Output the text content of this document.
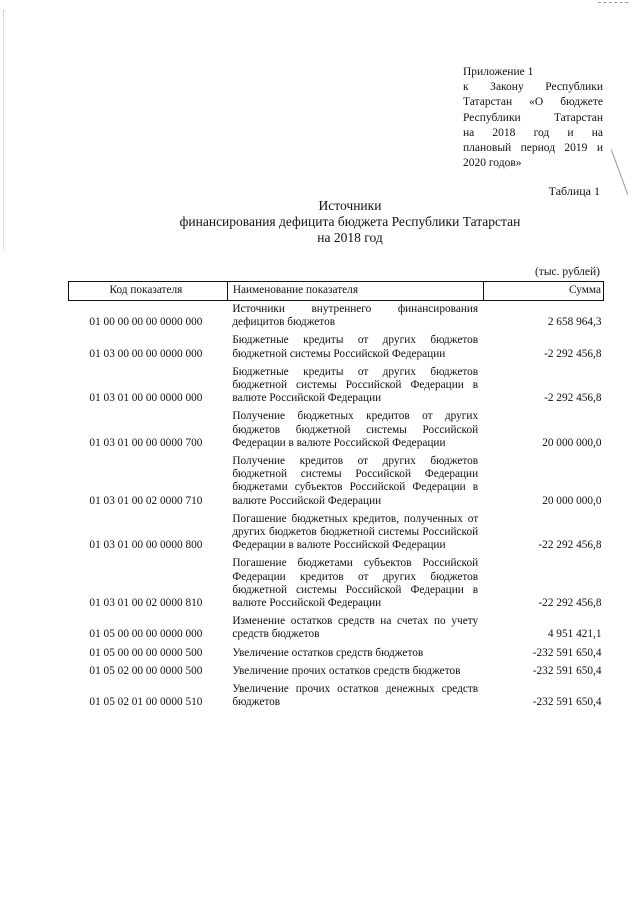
Приложение 1
к Закону Республики
Татарстан «О бюджете
Республики Татарстан
на 2018 год и на
плановый период 2019 и
2020 годов»
Таблица 1
Источники
финансирования дефицита бюджета Республики Татарстан
на 2018 год
(тыс. рублей)
Код показателя	Наименование показателя	Сумма
01 00 00 00 00 0000 000	Источники внутреннего финансирования дефицитов бюджетов	2 658 964,3
01 03 00 00 00 0000 000	Бюджетные кредиты от других бюджетов бюджетной системы Российской Федерации	-2 292 456,8
01 03 01 00 00 0000 000	Бюджетные кредиты от других бюджетов бюджетной системы Российской Федерации в валюте Российской Федерации	-2 292 456,8
01 03 01 00 00 0000 700	Получение бюджетных кредитов от других бюджетов бюджетной системы Российской Федерации в валюте Российской Федерации	20 000 000,0
01 03 01 00 02 0000 710	Получение кредитов от других бюджетов бюджетной системы Российской Федерации бюджетами субъектов Российской Федерации в валюте Российской Федерации	20 000 000,0
01 03 01 00 00 0000 800	Погашение бюджетных кредитов, полученных от других бюджетов бюджетной системы Российской Федерации в валюте Российской Федерации	-22 292 456,8
01 03 01 00 02 0000 810	Погашение бюджетами субъектов Российской Федерации кредитов от других бюджетов бюджетной системы Российской Федерации в валюте Российской Федерации	-22 292 456,8
01 05 00 00 00 0000 000	Изменение остатков средств на счетах по учету средств бюджетов	4 951 421,1
01 05 00 00 00 0000 500	Увеличение остатков средств бюджетов	-232 591 650,4
01 05 02 00 00 0000 500	Увеличение прочих остатков средств бюджетов	-232 591 650,4
01 05 02 01 00 0000 510	Увеличение прочих остатков денежных средств бюджетов	-232 591 650,4
